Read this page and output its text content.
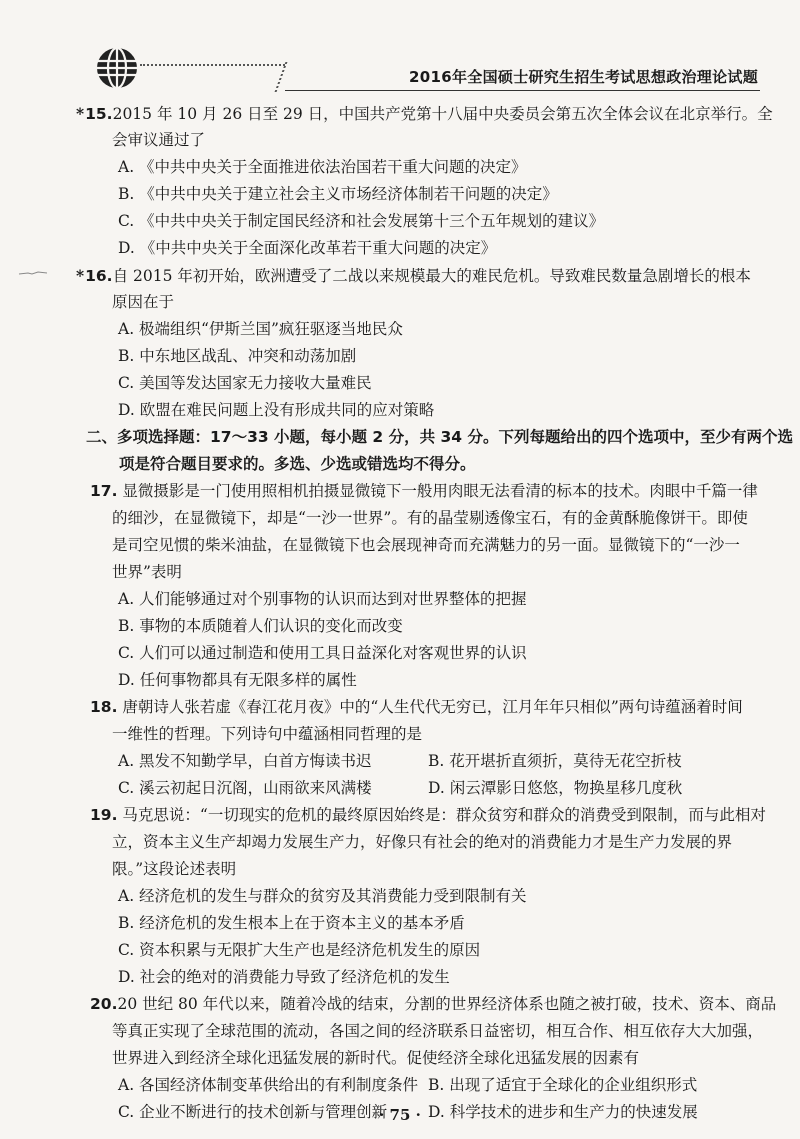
2016年全国硕士研究生招生考试思想政治理论试题
*15.2015 年 10 月 26 日至 29 日，中国共产党第十八届中央委员会第五次全体会议在北京举行。全
会审议通过了
A. 《中共中央关于全面推进依法治国若干重大问题的决定》
B. 《中共中央关于建立社会主义市场经济体制若干问题的决定》
C. 《中共中央关于制定国民经济和社会发展第十三个五年规划的建议》
D. 《中共中央关于全面深化改革若干重大问题的决定》
*16.自 2015 年初开始，欧洲遭受了二战以来规模最大的难民危机。导致难民数量急剧增长的根本
原因在于
A. 极端组织“伊斯兰国”疯狂驱逐当地民众
B. 中东地区战乱、冲突和动荡加剧
C. 美国等发达国家无力接收大量难民
D. 欧盟在难民问题上没有形成共同的应对策略
二、多项选择题：17～33 小题，每小题 2 分，共 34 分。下列每题给出的四个选项中，至少有两个选
项是符合题目要求的。多选、少选或错选均不得分。
17. 显微摄影是一门使用照相机拍摄显微镜下一般用肉眼无法看清的标本的技术。肉眼中千篇一律
的细沙，在显微镜下，却是“一沙一世界”。有的晶莹剔透像宝石，有的金黄酥脆像饼干。即使
是司空见惯的柴米油盐，在显微镜下也会展现神奇而充满魅力的另一面。显微镜下的“一沙一
世界”表明
A. 人们能够通过对个别事物的认识而达到对世界整体的把握
B. 事物的本质随着人们认识的变化而改变
C. 人们可以通过制造和使用工具日益深化对客观世界的认识
D. 任何事物都具有无限多样的属性
18. 唐朝诗人张若虚《春江花月夜》中的“人生代代无穷已，江月年年只相似”两句诗蕴涵着时间
一维性的哲理。下列诗句中蕴涵相同哲理的是
A. 黑发不知勤学早，白首方悔读书迟	B. 花开堪折直须折，莫待无花空折枝
C. 溪云初起日沉阁，山雨欲来风满楼	D. 闲云潭影日悠悠，物换星移几度秋
19. 马克思说：“一切现实的危机的最终原因始终是：群众贫穷和群众的消费受到限制，而与此相对
立，资本主义生产却竭力发展生产力，好像只有社会的绝对的消费能力才是生产力发展的界
限。”这段论述表明
A. 经济危机的发生与群众的贫穷及其消费能力受到限制有关
B. 经济危机的发生根本上在于资本主义的基本矛盾
C. 资本积累与无限扩大生产也是经济危机发生的原因
D. 社会的绝对的消费能力导致了经济危机的发生
20.20 世纪 80 年代以来，随着冷战的结束，分割的世界经济体系也随之被打破，技术、资本、商品
等真正实现了全球范围的流动，各国之间的经济联系日益密切，相互合作、相互依存大大加强，
世界进入到经济全球化迅猛发展的新时代。促使经济全球化迅猛发展的因素有
A. 各国经济体制变革供给出的有利制度条件 B. 出现了适宜于全球化的企业组织形式
C. 企业不断进行的技术创新与管理创新	D. 科学技术的进步和生产力的快速发展
· 75 ·
